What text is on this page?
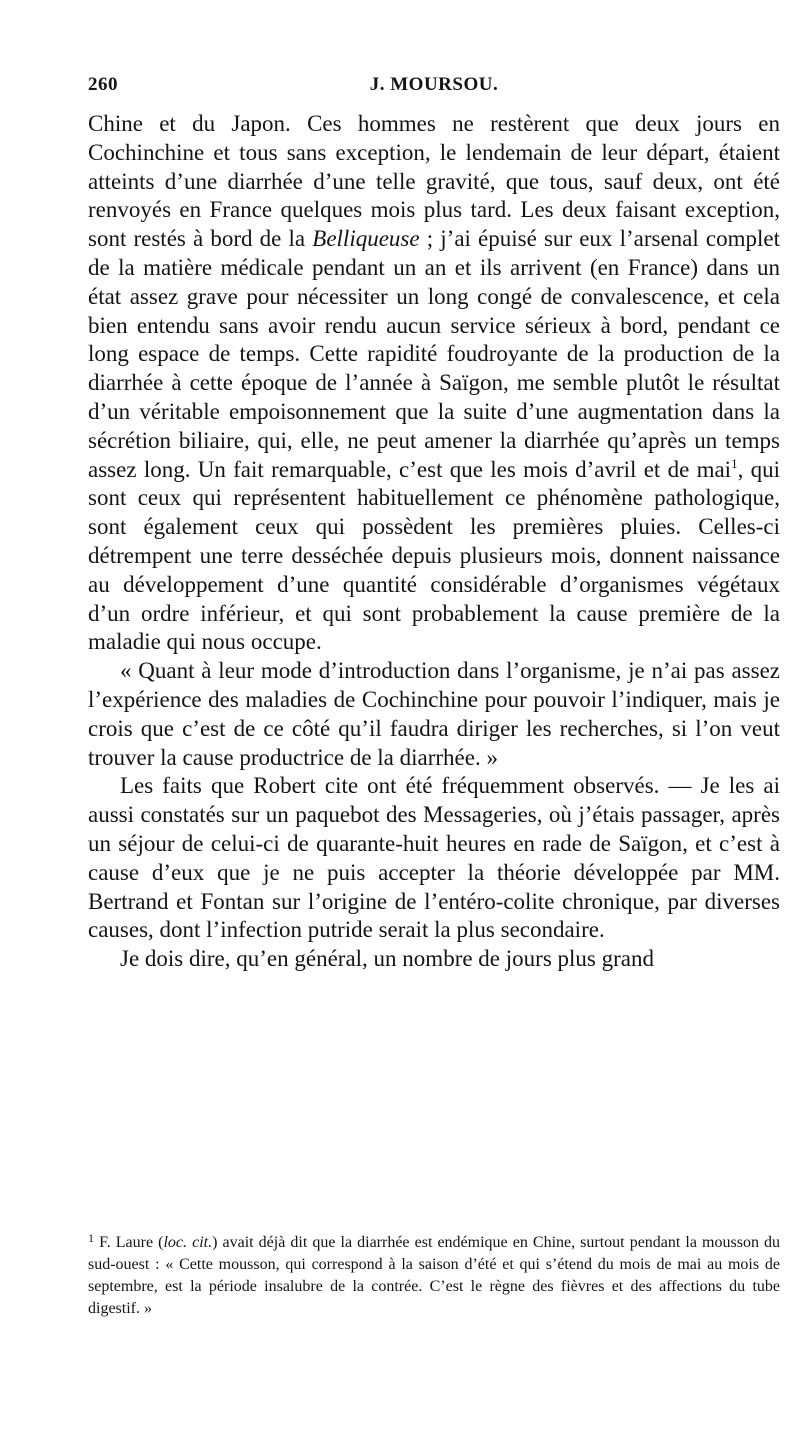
260	J. MOURSOU.

Chine et du Japon. Ces hommes ne restèrent que deux jours en Cochinchine et tous sans exception, le lendemain de leur départ, étaient atteints d’une diarrhée d’une telle gravité, que tous, sauf deux, ont été renvoyés en France quelques mois plus tard. Les deux faisant exception, sont restés à bord de la Belliqueuse ; j’ai épuisé sur eux l’arsenal complet de la matière médicale pendant un an et ils arrivent (en France) dans un état assez grave pour nécessiter un long congé de convalescence, et cela bien entendu sans avoir rendu aucun service sérieux à bord, pendant ce long espace de temps. Cette rapidité foudroyante de la production de la diarrhée à cette époque de l’année à Saïgon, me semble plutôt le résultat d’un véritable empoisonnement que la suite d’une augmentation dans la sécrétion biliaire, qui, elle, ne peut amener la diarrhée qu’après un temps assez long. Un fait remarquable, c’est que les mois d’avril et de mai$^1$, qui sont ceux qui représentent habituellement ce phénomène pathologique, sont également ceux qui possèdent les premières pluies. Celles-ci détrempent une terre desséchée depuis plusieurs mois, donnent naissance au développement d’une quantité considérable d’organismes végétaux d’un ordre inférieur, et qui sont probablement la cause première de la maladie qui nous occupe.

« Quant à leur mode d’introduction dans l’organisme, je n’ai pas assez l’expérience des maladies de Cochinchine pour pouvoir l’indiquer, mais je crois que c’est de ce côté qu’il faudra diriger les recherches, si l’on veut trouver la cause productrice de la diarrhée. »

Les faits que Robert cite ont été fréquemment observés. — Je les ai aussi constatés sur un paquebot des Messageries, où j’étais passager, après un séjour de celui-ci de quarante-huit heures en rade de Saïgon, et c’est à cause d’eux que je ne puis accepter la théorie développée par MM. Bertrand et Fontan sur l’origine de l’entéro-colite chronique, par diverses causes, dont l’infection putride serait la plus secondaire.

Je dois dire, qu’en général, un nombre de jours plus grand

$^1$ F. Laure (loc. cit.) avait déjà dit que la diarrhée est endémique en Chine, surtout pendant la mousson du sud-ouest : « Cette mousson, qui correspond à la saison d’été et qui s’étend du mois de mai au mois de septembre, est la période insalubre de la contrée. C’est le règne des fièvres et des affections du tube digestif. »
